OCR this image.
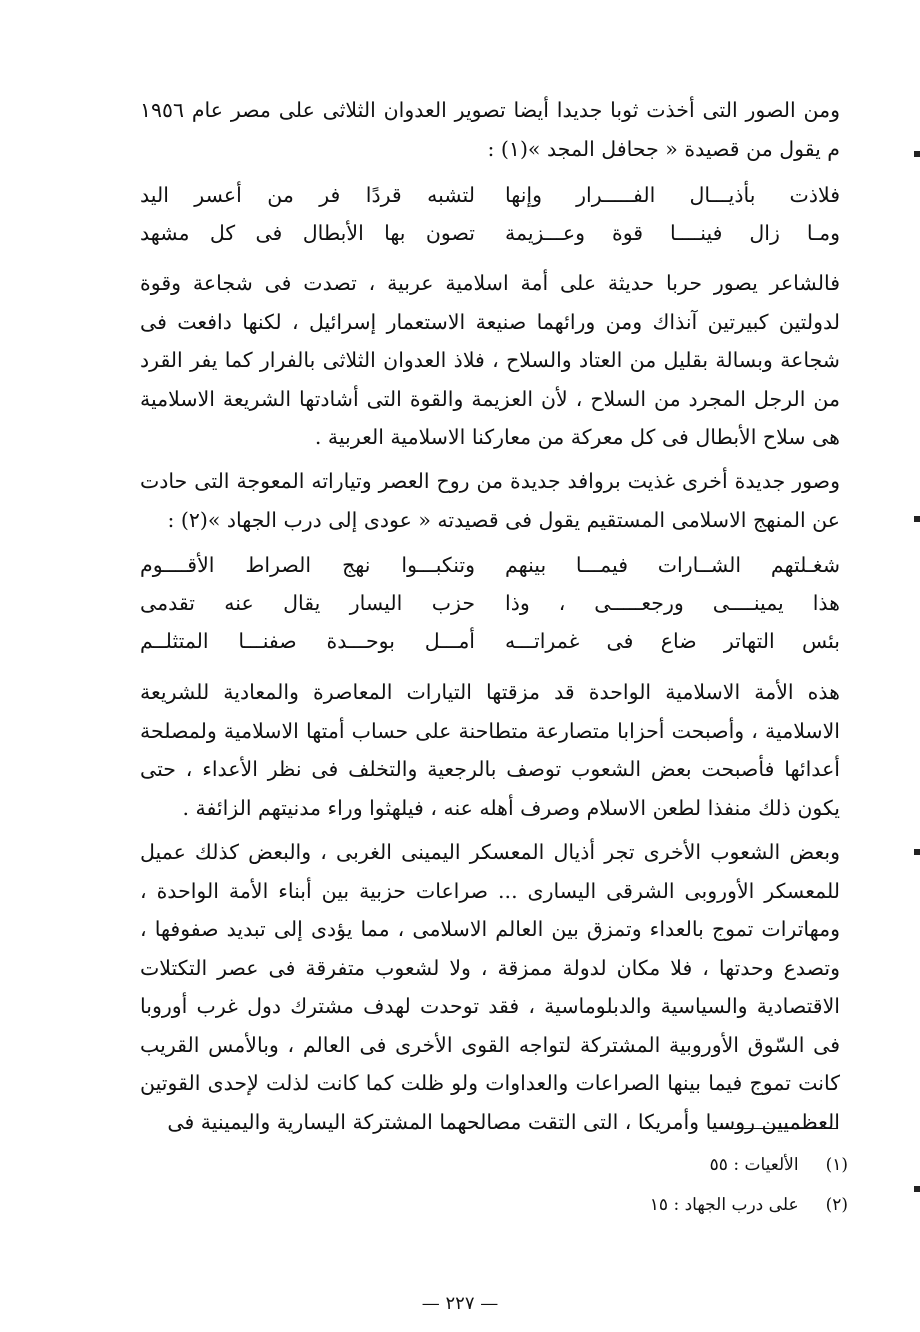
ومن الصور التى أخذت ثوبا جديدا أيضا تصوير العدوان الثلاثى على مصر عام ١٩٥٦ م يقول من قصيدة « جحافل المجد »(١) :

فلاذت بأذيـــال الفـــــرار وإنها
لتشبه قردًا فر من أعسر اليد
ومـا زال فينــــا قوة وعـــزيمة
تصون بها الأبطال فى كل مشهد

فالشاعر يصور حربا حديثة على أمة اسلامية عربية ، تصدت فى شجاعة وقوة لدولتين كبيرتين آنذاك ومن ورائهما صنيعة الاستعمار إسرائيل ، لكنها دافعت فى شجاعة وبسالة بقليل من العتاد والسلاح ، فلاذ العدوان الثلاثى بالفرار كما يفر القرد من الرجل المجرد من السلاح ، لأن العزيمة والقوة التى أشادتها الشريعة الاسلامية هى سلاح الأبطال فى كل معركة من معاركنا الاسلامية العربية .

وصور جديدة أخرى غذيت بروافد جديدة من روح العصر وتياراته المعوجة التى حادت عن المنهج الاسلامى المستقيم يقول فى قصيدته « عودى إلى درب الجهاد »(٢) :

شغـلتهم الشــارات فيمـــا بينهم
وتنكبـــوا نهج الصراط الأقــــوم
هذا يمينــــى ورجعـــــى ، وذا
حزب اليسار يقال عنه تقدمى
بئس التهاتر ضاع فى غمراتـــه
أمـــل بوحـــدة صفنـــا المتثلــم

هذه الأمة الاسلامية الواحدة قد مزقتها التيارات المعاصرة والمعادية للشريعة الاسلامية ، وأصبحت أحزابا متصارعة متطاحنة على حساب أمتها الاسلامية ولمصلحة أعدائها فأصبحت بعض الشعوب توصف بالرجعية والتخلف فى نظر الأعداء ، حتى يكون ذلك منفذا لطعن الاسلام وصرف أهله عنه ، فيلهثوا وراء مدنيتهم الزائفة .

وبعض الشعوب الأخرى تجر أذيال المعسكر اليمينى الغربى ، والبعض كذلك عميل للمعسكر الأوروبى الشرقى اليسارى ... صراعات حزبية بين أبناء الأمة الواحدة ، ومهاترات تموج بالعداء وتمزق بين العالم الاسلامى ، مما يؤدى إلى تبديد صفوفها ، وتصدع وحدتها ، فلا مكان لدولة ممزقة ، ولا لشعوب متفرقة فى عصر التكتلات الاقتصادية والسياسية والدبلوماسية ، فقد توحدت لهدف مشترك دول غرب أوروبا فى السّوق الأوروبية المشتركة لتواجه القوى الأخرى فى العالم ، وبالأمس القريب كانت تموج فيما بينها الصراعات والعداوات ولو ظلت كما كانت لذلت لإحدى القوتين العظميين روسيا وأمريكا ، التى التقت مصالحهما المشتركة اليسارية واليمينية فى

(١) الألعيات : ٥٥
(٢) على درب الجهاد : ١٥
— ٢٢٧ —
